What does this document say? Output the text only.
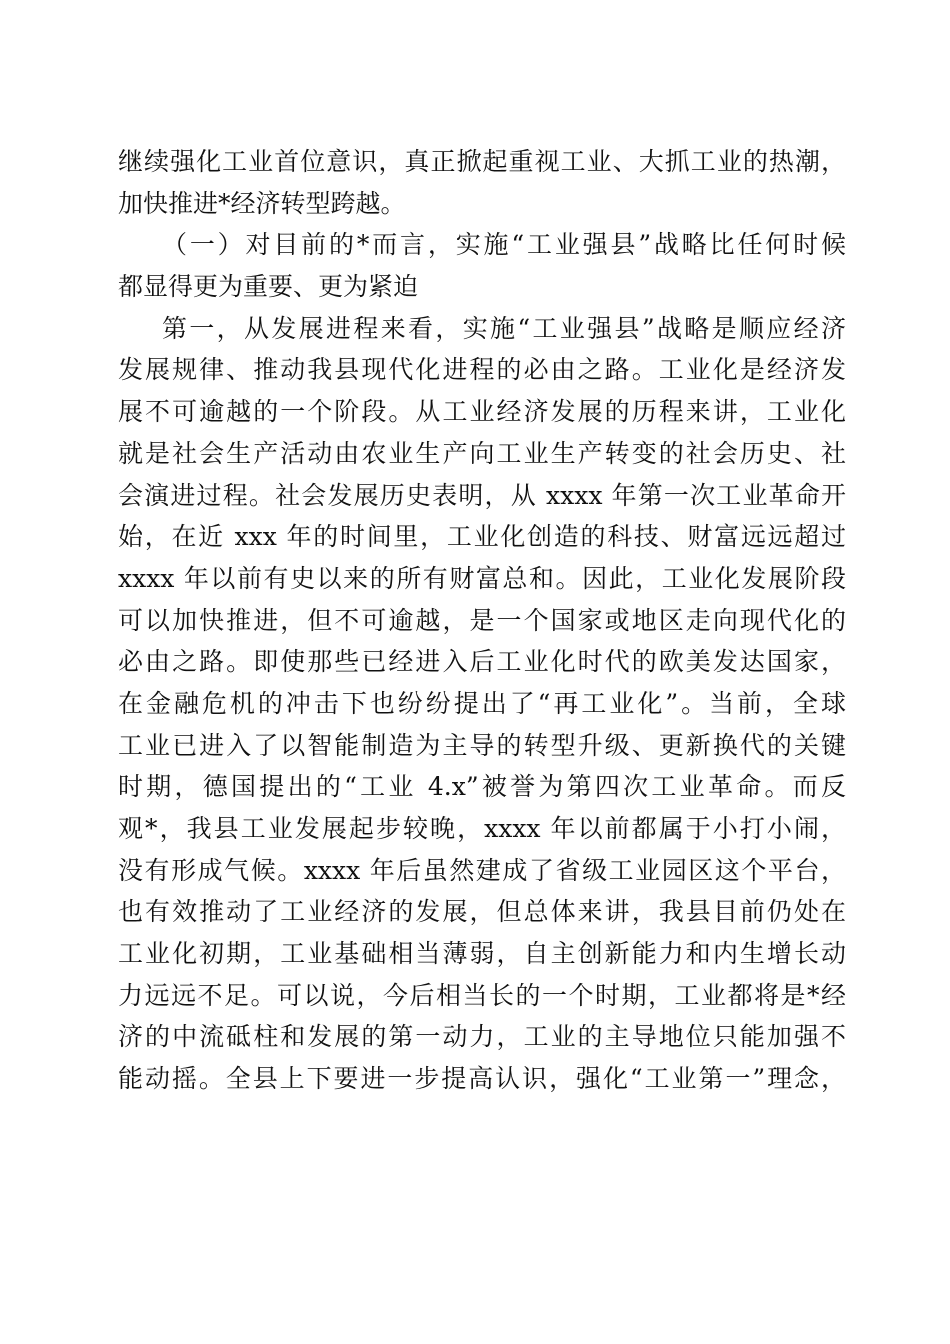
继续强化工业首位意识，真正掀起重视工业、大抓工业的热潮，
加快推进*经济转型跨越。
（一）对目前的*而言，实施“工业强县”战略比任何时候
都显得更为重要、更为紧迫
第一，从发展进程来看，实施“工业强县”战略是顺应经济
发展规律、推动我县现代化进程的必由之路。工业化是经济发
展不可逾越的一个阶段。从工业经济发展的历程来讲，工业化
就是社会生产活动由农业生产向工业生产转变的社会历史、社
会演进过程。社会发展历史表明，从 xxxx 年第一次工业革命开
始，在近 xxx 年的时间里，工业化创造的科技、财富远远超过
xxxx 年以前有史以来的所有财富总和。因此，工业化发展阶段
可以加快推进，但不可逾越，是一个国家或地区走向现代化的
必由之路。即使那些已经进入后工业化时代的欧美发达国家，
在金融危机的冲击下也纷纷提出了“再工业化”。当前，全球
工业已进入了以智能制造为主导的转型升级、更新换代的关键
时期，德国提出的“工业 4.x”被誉为第四次工业革命。而反
观*，我县工业发展起步较晚，xxxx 年以前都属于小打小闹，
没有形成气候。xxxx 年后虽然建成了省级工业园区这个平台，
也有效推动了工业经济的发展，但总体来讲，我县目前仍处在
工业化初期，工业基础相当薄弱，自主创新能力和内生增长动
力远远不足。可以说，今后相当长的一个时期，工业都将是*经
济的中流砥柱和发展的第一动力，工业的主导地位只能加强不
能动摇。全县上下要进一步提高认识，强化“工业第一”理念，
